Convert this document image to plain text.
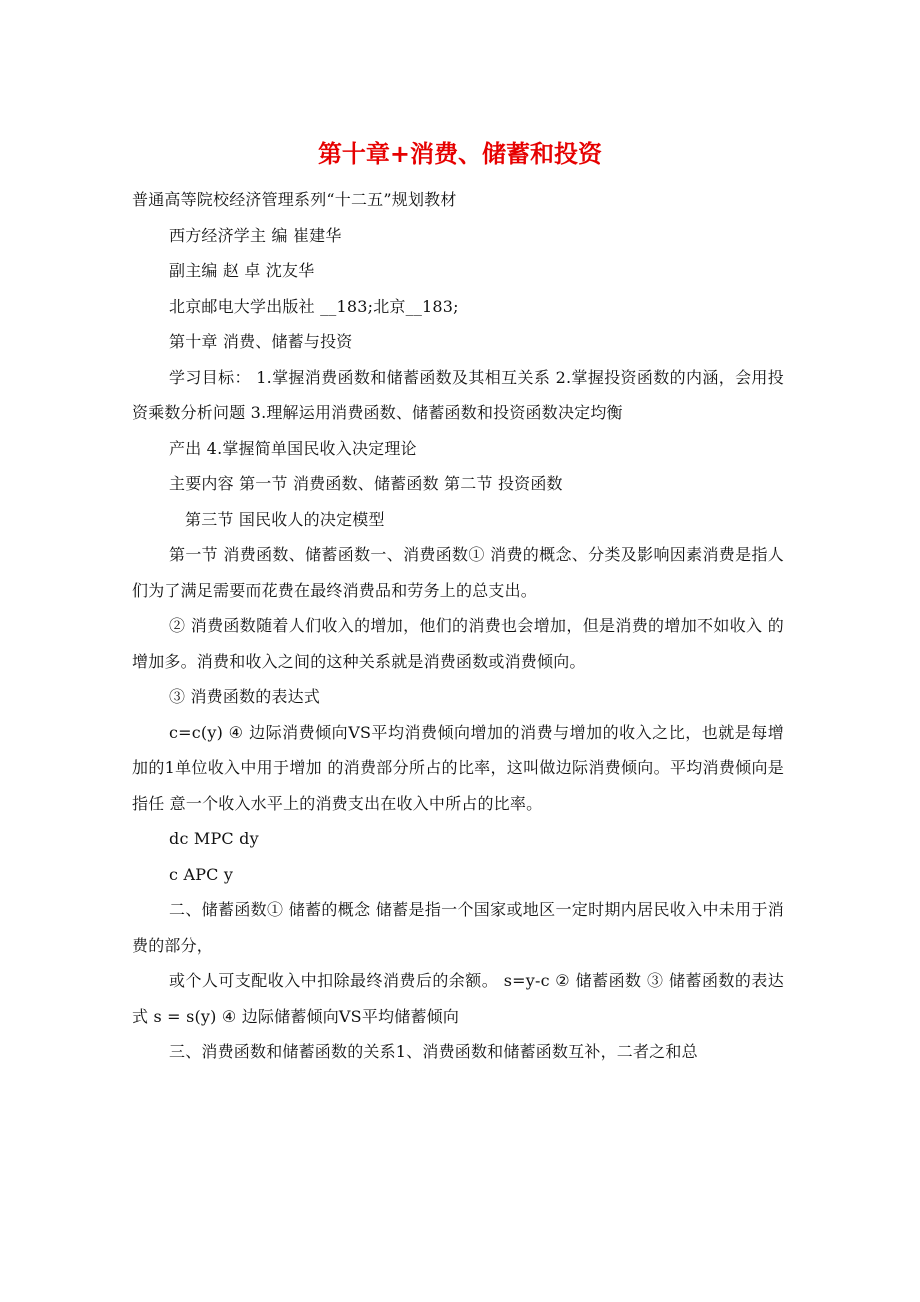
第十章+消费、储蓄和投资

普通高等院校经济管理系列“十二五”规划教材

西方经济学主 编 崔建华

副主编 赵 卓 沈友华

北京邮电大学出版社 __183;北京__183;

第十章 消费、储蓄与投资

学习目标： 1.掌握消费函数和储蓄函数及其相互关系 2.掌握投资函数的内涵，会用投资乘数分析问题 3.理解运用消费函数、储蓄函数和投资函数决定均衡

产出 4.掌握简单国民收入决定理论

主要内容 第一节 消费函数、储蓄函数 第二节 投资函数

第三节 国民收人的决定模型

第一节 消费函数、储蓄函数一、消费函数① 消费的概念、分类及影响因素消费是指人们为了满足需要而花费在最终消费品和劳务上的总支出。

② 消费函数随着人们收入的增加，他们的消费也会增加，但是消费的增加不如收入 的增加多。消费和收入之间的这种关系就是消费函数或消费倾向。

③ 消费函数的表达式

c=c(y) ④ 边际消费倾向VS平均消费倾向增加的消费与增加的收入之比，也就是每增加的1单位收入中用于增加 的消费部分所占的比率，这叫做边际消费倾向。平均消费倾向是指任 意一个收入水平上的消费支出在收入中所占的比率。

dc MPC dy

c APC y

二、储蓄函数① 储蓄的概念 储蓄是指一个国家或地区一定时期内居民收入中未用于消费的部分，

或个人可支配收入中扣除最终消费后的余额。 s=y-c ② 储蓄函数 ③ 储蓄函数的表达式 s = s(y) ④ 边际储蓄倾向VS平均储蓄倾向

三、消费函数和储蓄函数的关系1、消费函数和储蓄函数互补，二者之和总
